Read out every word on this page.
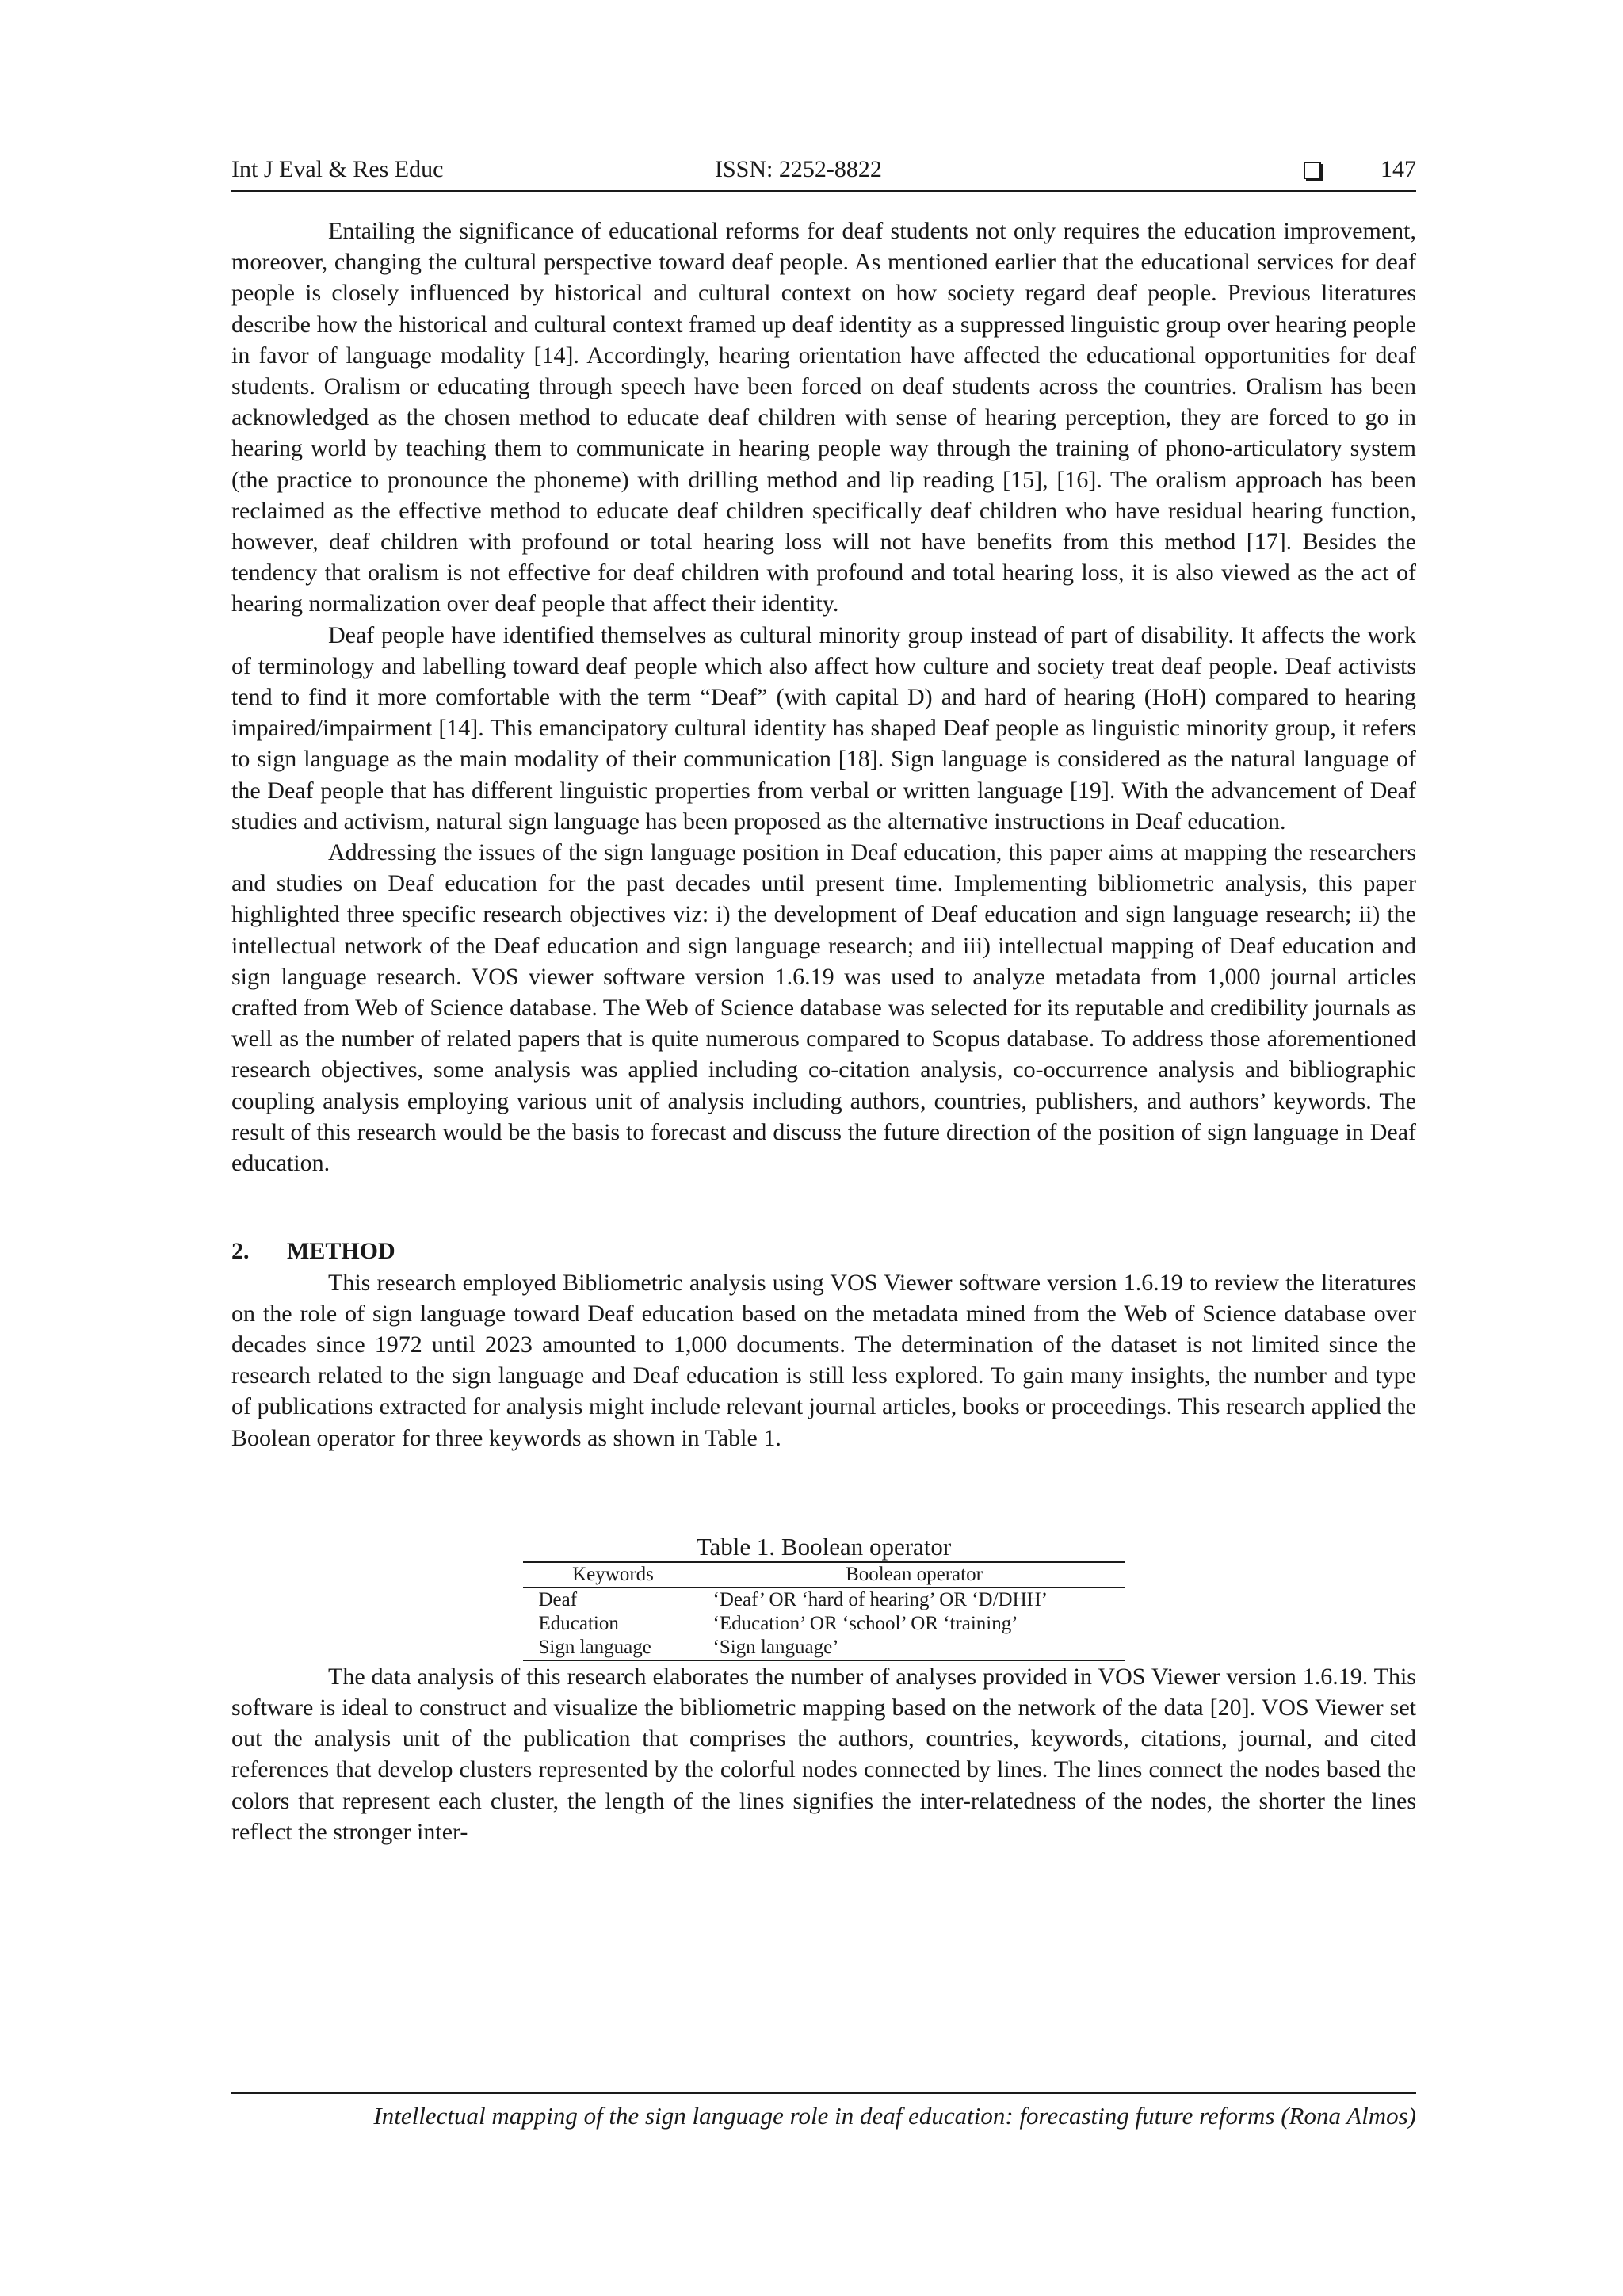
Int J Eval & Res Educ	ISSN: 2252-8822	147

Entailing the significance of educational reforms for deaf students not only requires the education improvement, moreover, changing the cultural perspective toward deaf people. As mentioned earlier that the educational services for deaf people is closely influenced by historical and cultural context on how society regard deaf people. Previous literatures describe how the historical and cultural context framed up deaf identity as a suppressed linguistic group over hearing people in favor of language modality [14]. Accordingly, hearing orientation have affected the educational opportunities for deaf students. Oralism or educating through speech have been forced on deaf students across the countries. Oralism has been acknowledged as the chosen method to educate deaf children with sense of hearing perception, they are forced to go in hearing world by teaching them to communicate in hearing people way through the training of phono-articulatory system (the practice to pronounce the phoneme) with drilling method and lip reading [15], [16]. The oralism approach has been reclaimed as the effective method to educate deaf children specifically deaf children who have residual hearing function, however, deaf children with profound or total hearing loss will not have benefits from this method [17]. Besides the tendency that oralism is not effective for deaf children with profound and total hearing loss, it is also viewed as the act of hearing normalization over deaf people that affect their identity.

Deaf people have identified themselves as cultural minority group instead of part of disability. It affects the work of terminology and labelling toward deaf people which also affect how culture and society treat deaf people. Deaf activists tend to find it more comfortable with the term “Deaf” (with capital D) and hard of hearing (HoH) compared to hearing impaired/impairment [14]. This emancipatory cultural identity has shaped Deaf people as linguistic minority group, it refers to sign language as the main modality of their communication [18]. Sign language is considered as the natural language of the Deaf people that has different linguistic properties from verbal or written language [19]. With the advancement of Deaf studies and activism, natural sign language has been proposed as the alternative instructions in Deaf education.

Addressing the issues of the sign language position in Deaf education, this paper aims at mapping the researchers and studies on Deaf education for the past decades until present time. Implementing bibliometric analysis, this paper highlighted three specific research objectives viz: i) the development of Deaf education and sign language research; ii) the intellectual network of the Deaf education and sign language research; and iii) intellectual mapping of Deaf education and sign language research. VOS viewer software version 1.6.19 was used to analyze metadata from 1,000 journal articles crafted from Web of Science database. The Web of Science database was selected for its reputable and credibility journals as well as the number of related papers that is quite numerous compared to Scopus database. To address those aforementioned research objectives, some analysis was applied including co-citation analysis, co-occurrence analysis and bibliographic coupling analysis employing various unit of analysis including authors, countries, publishers, and authors’ keywords. The result of this research would be the basis to forecast and discuss the future direction of the position of sign language in Deaf education.

2. METHOD

This research employed Bibliometric analysis using VOS Viewer software version 1.6.19 to review the literatures on the role of sign language toward Deaf education based on the metadata mined from the Web of Science database over decades since 1972 until 2023 amounted to 1,000 documents. The determination of the dataset is not limited since the research related to the sign language and Deaf education is still less explored. To gain many insights, the number and type of publications extracted for analysis might include relevant journal articles, books or proceedings. This research applied the Boolean operator for three keywords as shown in Table 1.

Table 1. Boolean operator
Keywords	Boolean operator
Deaf	‘Deaf’ OR ‘hard of hearing’ OR ‘D/DHH’
Education	‘Education’ OR ‘school’ OR ‘training’
Sign language	‘Sign language’

The data analysis of this research elaborates the number of analyses provided in VOS Viewer version 1.6.19. This software is ideal to construct and visualize the bibliometric mapping based on the network of the data [20]. VOS Viewer set out the analysis unit of the publication that comprises the authors, countries, keywords, citations, journal, and cited references that develop clusters represented by the colorful nodes connected by lines. The lines connect the nodes based the colors that represent each cluster, the length of the lines signifies the inter-relatedness of the nodes, the shorter the lines reflect the stronger inter-

Intellectual mapping of the sign language role in deaf education: forecasting future reforms (Rona Almos)
